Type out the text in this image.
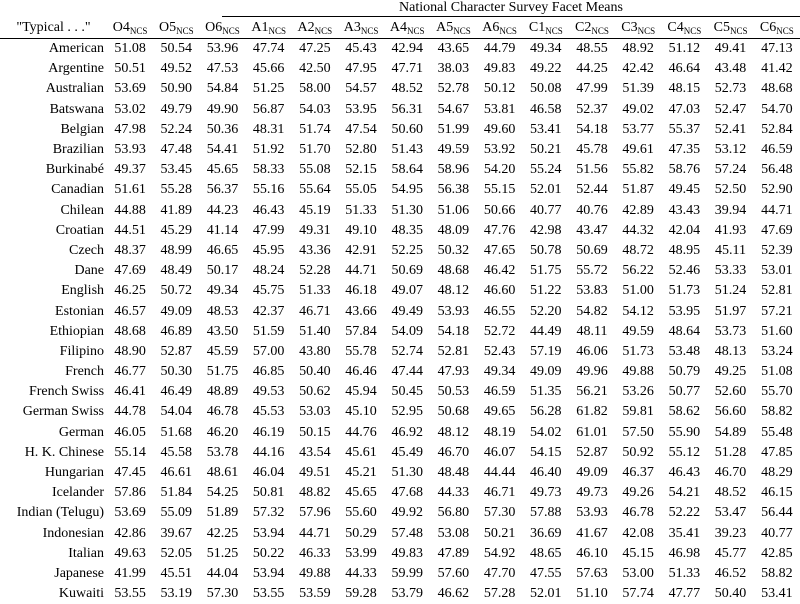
National Character Survey Facet Means
"Typical . . ."	$O4_{NCS}$	$O5_{NCS}$	$O6_{NCS}$	$A1_{NCS}$	$A2_{NCS}$	$A3_{NCS}$	$A4_{NCS}$	$A5_{NCS}$	$A6_{NCS}$	$C1_{NCS}$	$C2_{NCS}$	$C3_{NCS}$	$C4_{NCS}$	$C5_{NCS}$	$C6_{NCS}$
American	51.08	50.54	53.96	47.74	47.25	45.43	42.94	43.65	44.79	49.34	48.55	48.92	51.12	49.41	47.13
Argentine	50.51	49.52	47.53	45.66	42.50	47.95	47.71	38.03	49.83	49.22	44.25	42.42	46.64	43.48	41.42
Australian	53.69	50.90	54.84	51.25	58.00	54.57	48.52	52.78	50.12	50.08	47.99	51.39	48.15	52.73	48.68
Batswana	53.02	49.79	49.90	56.87	54.03	53.95	56.31	54.67	53.81	46.58	52.37	49.02	47.03	52.47	54.70
Belgian	47.98	52.24	50.36	48.31	51.74	47.54	50.60	51.99	49.60	53.41	54.18	53.77	55.37	52.41	52.84
Brazilian	53.93	47.48	54.41	51.92	51.70	52.80	51.43	49.59	53.92	50.21	45.78	49.61	47.35	53.12	46.59
Burkinabé	49.37	53.45	45.65	58.33	55.08	52.15	58.64	58.96	54.20	55.24	51.56	55.82	58.76	57.24	56.48
Canadian	51.61	55.28	56.37	55.16	55.64	55.05	54.95	56.38	55.15	52.01	52.44	51.87	49.45	52.50	52.90
Chilean	44.88	41.89	44.23	46.43	45.19	51.33	51.30	51.06	50.66	40.77	40.76	42.89	43.43	39.94	44.71
Croatian	44.51	45.29	41.14	47.99	49.31	49.10	48.35	48.09	47.76	42.98	43.47	44.32	42.04	41.93	47.69
Czech	48.37	48.99	46.65	45.95	43.36	42.91	52.25	50.32	47.65	50.78	50.69	48.72	48.95	45.11	52.39
Dane	47.69	48.49	50.17	48.24	52.28	44.71	50.69	48.68	46.42	51.75	55.72	56.22	52.46	53.33	53.01
English	46.25	50.72	49.34	45.75	51.33	46.18	49.07	48.12	46.60	51.22	53.83	51.00	51.73	51.24	52.81
Estonian	46.57	49.09	48.53	42.37	46.71	43.66	49.49	53.93	46.55	52.20	54.82	54.12	53.95	51.97	57.21
Ethiopian	48.68	46.89	43.50	51.59	51.40	57.84	54.09	54.18	52.72	44.49	48.11	49.59	48.64	53.73	51.60
Filipino	48.90	52.87	45.59	57.00	43.80	55.78	52.74	52.81	52.43	57.19	46.06	51.73	53.48	48.13	53.24
French	46.77	50.30	51.75	46.85	50.40	46.46	47.44	47.93	49.34	49.09	49.96	49.88	50.79	49.25	51.08
French Swiss	46.41	46.49	48.89	49.53	50.62	45.94	50.45	50.53	46.59	51.35	56.21	53.26	50.77	52.60	55.70
German Swiss	44.78	54.04	46.78	45.53	53.03	45.10	52.95	50.68	49.65	56.28	61.82	59.81	58.62	56.60	58.82
German	46.05	51.68	46.20	46.19	50.15	44.76	46.92	48.12	48.19	54.02	61.01	57.50	55.90	54.89	55.48
H. K. Chinese	55.14	45.58	53.78	44.16	43.54	45.61	45.49	46.70	46.07	54.15	52.87	50.92	55.12	51.28	47.85
Hungarian	47.45	46.61	48.61	46.04	49.51	45.21	51.30	48.48	44.44	46.40	49.09	46.37	46.43	46.70	48.29
Icelander	57.86	51.84	54.25	50.81	48.82	45.65	47.68	44.33	46.71	49.73	49.73	49.26	54.21	48.52	46.15
Indian (Telugu)	53.69	55.09	51.89	57.32	57.96	55.60	49.92	56.80	57.30	57.88	53.93	46.78	52.22	53.47	56.44
Indonesian	42.86	39.67	42.25	53.94	44.71	50.29	57.48	53.08	50.21	36.69	41.67	42.08	35.41	39.23	40.77
Italian	49.63	52.05	51.25	50.22	46.33	53.99	49.83	47.89	54.92	48.65	46.10	45.15	46.98	45.77	42.85
Japanese	41.99	45.51	44.04	53.94	49.88	44.33	59.99	57.60	47.70	47.55	57.63	53.00	51.33	46.52	58.82
Kuwaiti	53.55	53.19	57.30	53.55	53.59	59.28	53.79	46.62	57.28	52.01	51.10	57.74	47.77	50.40	53.41
